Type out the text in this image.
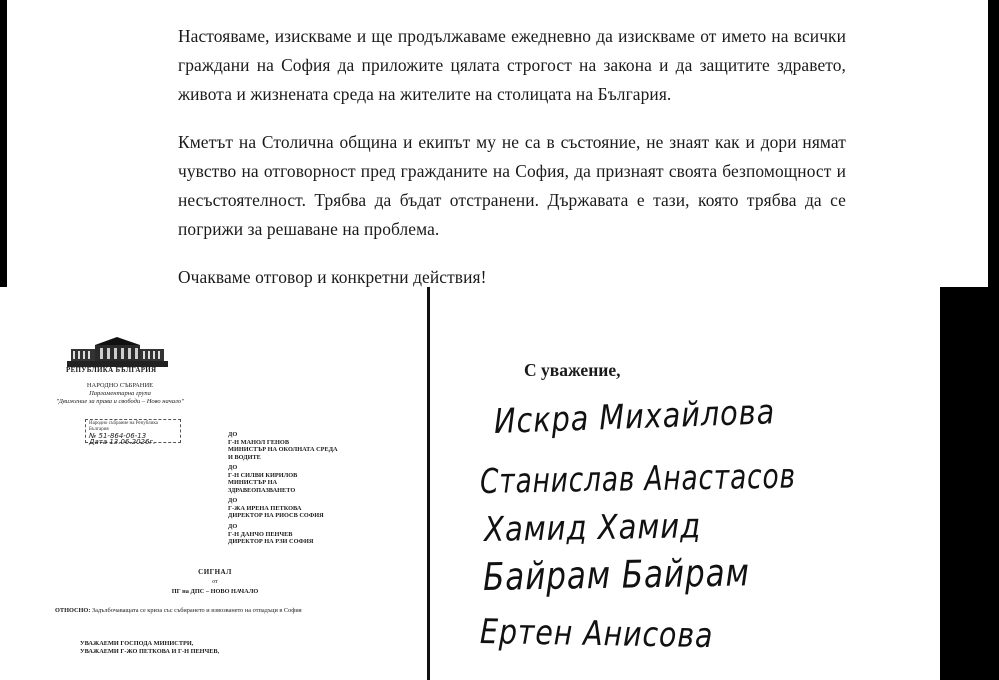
Настояваме, изискваме и ще продължаваме ежедневно да изискваме от името на всички граждани на София да приложите цялата строгост на закона и да защитите здравето, живота и жизнената среда на жителите на столицата на България.

Кметът на Столична община и екипът му не са в състояние, не знаят как и дори нямат чувство на отговорност пред гражданите на София, да признаят своята безпомощност и несъстоятелност. Трябва да бъдат отстранени. Държавата е тази, която трябва да се погрижи за решаване на проблема.

Очакваме отговор и конкретни действия!

РЕПУБЛИКА БЪЛГАРИЯ
НАРОДНО СЪБРАНИЕ
Парламентарна група
"Движение за права и свободи – Ново начало"
Народно събрание на Република България
№ 51-864-06-13
Дата 13.06.2026г.
ДО
Г-Н МАНОЛ ГЕНОВ
МИНИСТЪР НА ОКОЛНАТА СРЕДА И ВОДИТЕ
ДО
Г-Н СИЛВИ КИРИЛОВ
МИНИСТЪР НА ЗДРАВЕОПАЗВАНЕТО
ДО
Г-ЖА ИРЕНА ПЕТКОВА
ДИРЕКТОР НА РИОСВ СОФИЯ
ДО
Г-Н ДАНЧО ПЕНЧЕВ
ДИРЕКТОР НА РЗИ СОФИЯ
СИГНАЛ
от
ПГ на ДПС – НОВО НАЧАЛО
ОТНОСНО: Задълбочаващата се криза със събирането и извозването на отпадъци в София
УВАЖАЕМИ ГОСПОДА МИНИСТРИ,
УВАЖАЕМИ Г-ЖО ПЕТКОВА И Г-Н ПЕНЧЕВ,
С уважение,
Искра Михайлова
Станислав Анастасов
Хамид Хамид
Байрам Байрам
Ертен Анисова
